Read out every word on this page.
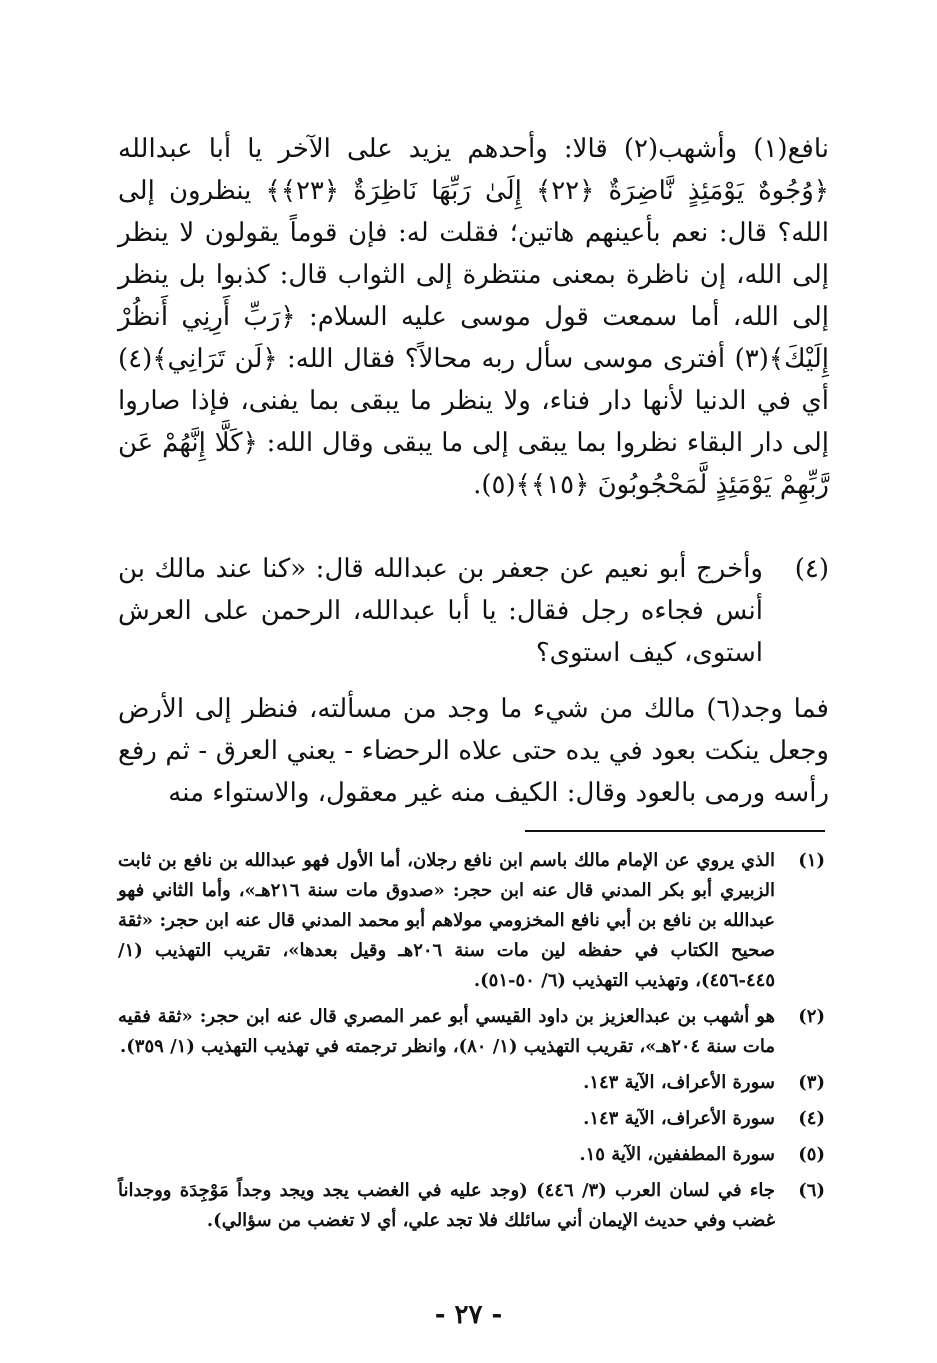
نافع(١) وأشهب(٢) قالا: وأحدهم يزيد على الآخر يا أبا عبدالله ﴿وُجُوهٌ يَوْمَئِذٍ نَّاضِرَةٌ ﴿٢٢﴾ إِلَىٰ رَبِّهَا نَاظِرَةٌ ﴿٢٣﴾﴾ ينظرون إلى الله؟ قال: نعم بأعينهم هاتين؛ فقلت له: فإن قوماً يقولون لا ينظر إلى الله، إن ناظرة بمعنى منتظرة إلى الثواب قال: كذبوا بل ينظر إلى الله، أما سمعت قول موسى عليه السلام: ﴿رَبِّ أَرِنِي أَنظُرْ إِلَيْكَ﴾(٣) أفترى موسى سأل ربه محالاً؟ فقال الله: ﴿لَن تَرَانِي﴾(٤) أي في الدنيا لأنها دار فناء، ولا ينظر ما يبقى بما يفنى، فإذا صاروا إلى دار البقاء نظروا بما يبقى إلى ما يبقى وقال الله: ﴿كَلَّا إِنَّهُمْ عَن رَّبِّهِمْ يَوْمَئِذٍ لَّمَحْجُوبُونَ ﴿١٥﴾﴾(٥).
(٤)
وأخرج أبو نعيم عن جعفر بن عبدالله قال: «كنا عند مالك بن أنس فجاءه رجل فقال: يا أبا عبدالله، الرحمن على العرش استوى، كيف استوى؟
فما وجد(٦) مالك من شيء ما وجد من مسألته، فنظر إلى الأرض وجعل ينكت بعود في يده حتى علاه الرحضاء - يعني العرق - ثم رفع رأسه ورمى بالعود وقال: الكيف منه غير معقول، والاستواء منه
(١)
الذي يروي عن الإمام مالك باسم ابن نافع رجلان، أما الأول فهو عبدالله بن نافع بن ثابت الزبيري أبو بكر المدني قال عنه ابن حجر: «صدوق مات سنة ٢١٦هـ»، وأما الثاني فهو عبدالله بن نافع بن أبي نافع المخزومي مولاهم أبو محمد المدني قال عنه ابن حجر: «ثقة صحيح الكتاب في حفظه لين مات سنة ٢٠٦هـ وقيل بعدها»، تقريب التهذيب (١/ ٤٤٥-٤٥٦)، وتهذيب التهذيب (٦/ ٥٠-٥١).
(٢)
هو أشهب بن عبدالعزيز بن داود القيسي أبو عمر المصري قال عنه ابن حجر: «ثقة فقيه مات سنة ٢٠٤هـ»، تقريب التهذيب (١/ ٨٠)، وانظر ترجمته في تهذيب التهذيب (١/ ٣٥٩).
(٣)
سورة الأعراف، الآية ١٤٣.
(٤)
سورة الأعراف، الآية ١٤٣.
(٥)
سورة المطففين، الآية ١٥.
(٦)
جاء في لسان العرب (٣/ ٤٤٦) (وجد عليه في الغضب يجد ويجد وجداً مَوْجِدَة ووجداناً غضب وفي حديث الإيمان أني سائلك فلا تجد علي، أي لا تغضب من سؤالي).
- ٢٧ -
